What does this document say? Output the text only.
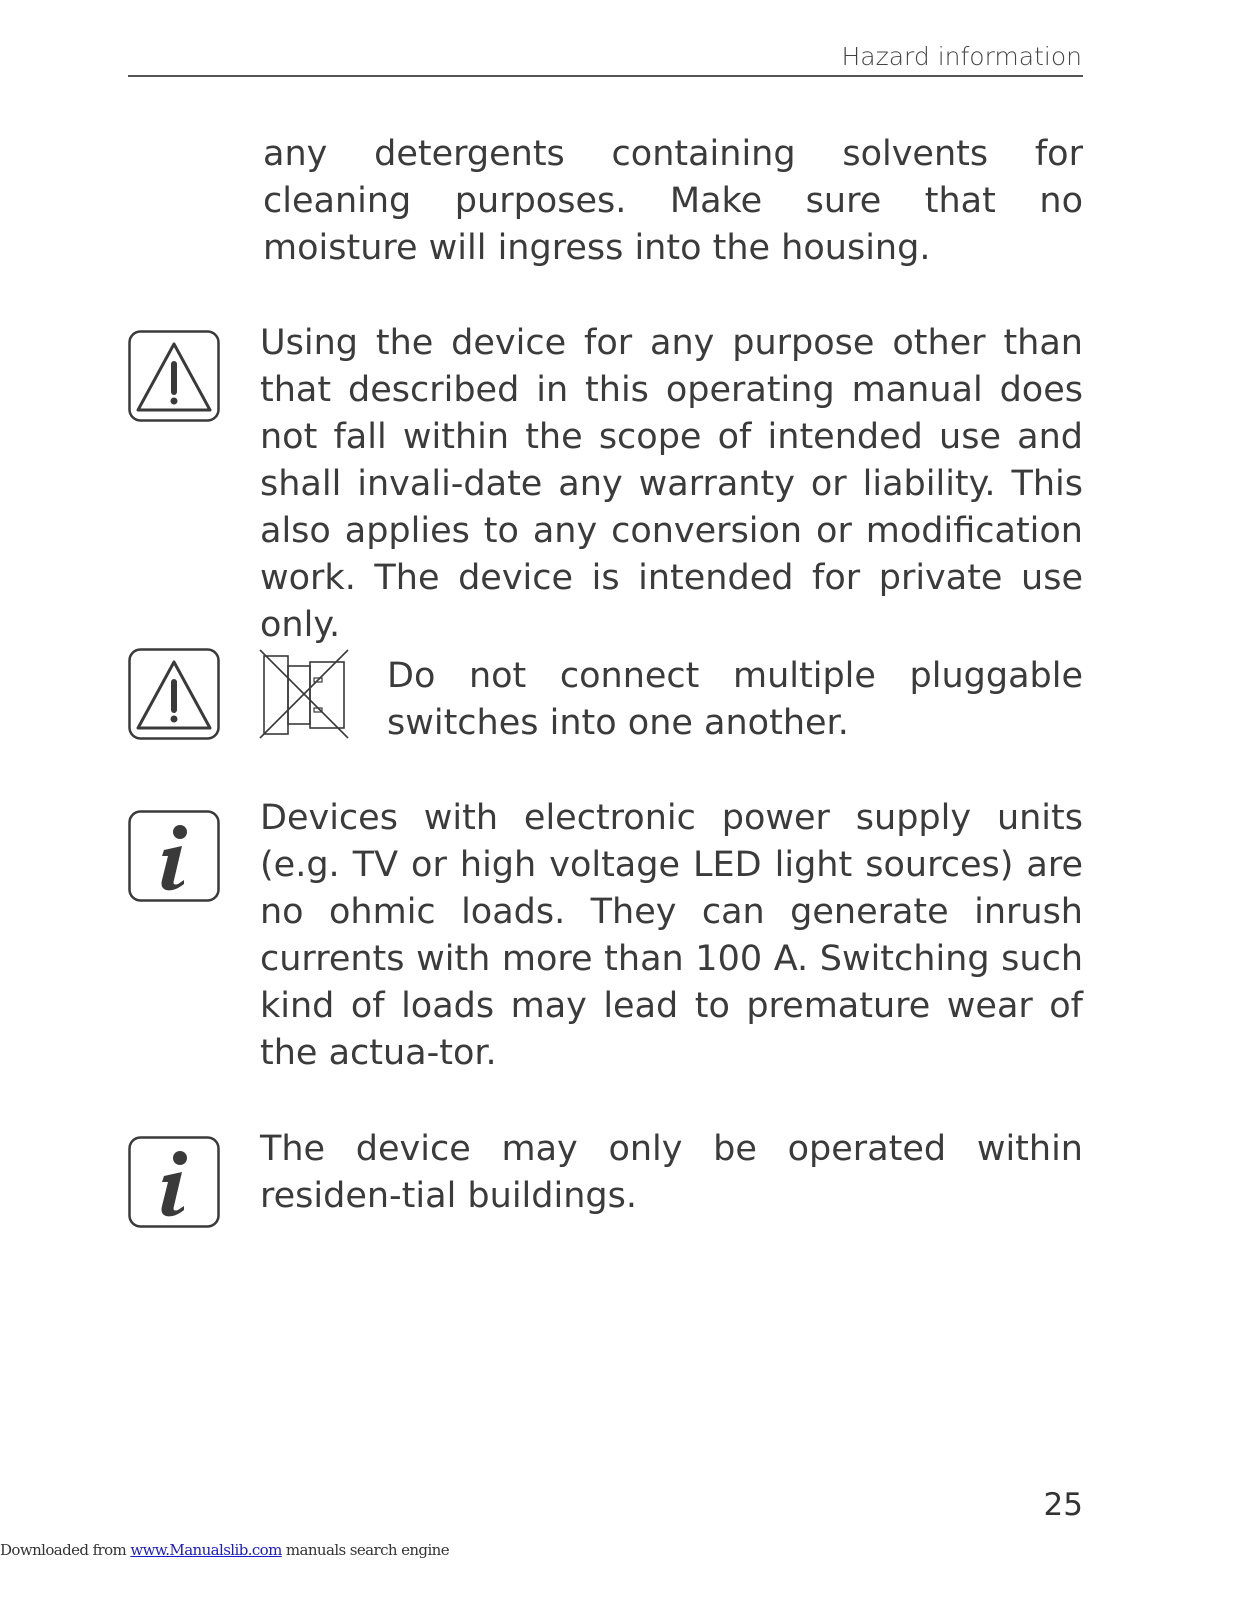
Hazard information

any detergents containing solvents for cleaning purposes. Make sure that no moisture will ingress into the housing.

Using the device for any purpose other than that described in this operating manual does not fall within the scope of intended use and shall invali-date any warranty or liability. This also applies to any conversion or modification work. The device is intended for private use only.

Do not connect multiple pluggable switches into one another.

Devices with electronic power supply units (e.g. TV or high voltage LED light sources) are no ohmic loads. They can generate inrush currents with more than 100 A. Switching such kind of loads may lead to premature wear of the actua-tor.

The device may only be operated within residen-tial buildings.

25
Downloaded from www.Manualslib.com manuals search engine
